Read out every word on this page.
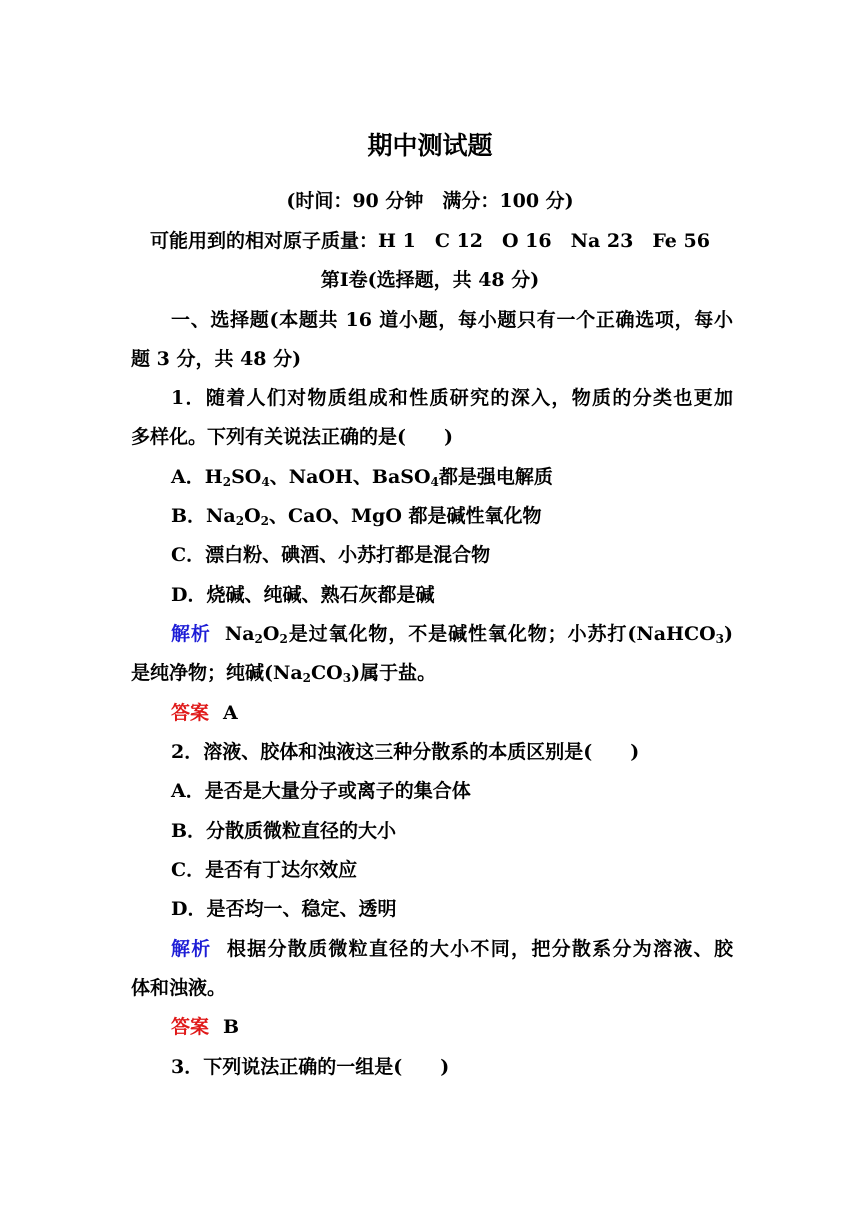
期中测试题
(时间：90 分钟　满分：100 分)
可能用到的相对原子质量：H 1　C 12　O 16　Na 23　Fe 56
第Ⅰ卷(选择题，共 48 分)
一、选择题(本题共 16 道小题，每小题只有一个正确选项，每小
题 3 分，共 48 分)
1．随着人们对物质组成和性质研究的深入，物质的分类也更加
多样化。下列有关说法正确的是(　　)
A．$H_2SO_4$、NaOH、BaSO$_4$都是强电解质
B．$Na_2O_2$、CaO、MgO 都是碱性氧化物
C．漂白粉、碘酒、小苏打都是混合物
D．烧碱、纯碱、熟石灰都是碱
解析 $Na_2O_2$是过氧化物，不是碱性氧化物；小苏打(NaHCO$_3$)
是纯净物；纯碱$(Na_2CO_3)$属于盐。
答案 A
2．溶液、胶体和浊液这三种分散系的本质区别是(　　)
A．是否是大量分子或离子的集合体
B．分散质微粒直径的大小
C．是否有丁达尔效应
D．是否均一、稳定、透明
解析 根据分散质微粒直径的大小不同，把分散系分为溶液、胶
体和浊液。
答案 B
3．下列说法正确的一组是(　　)
